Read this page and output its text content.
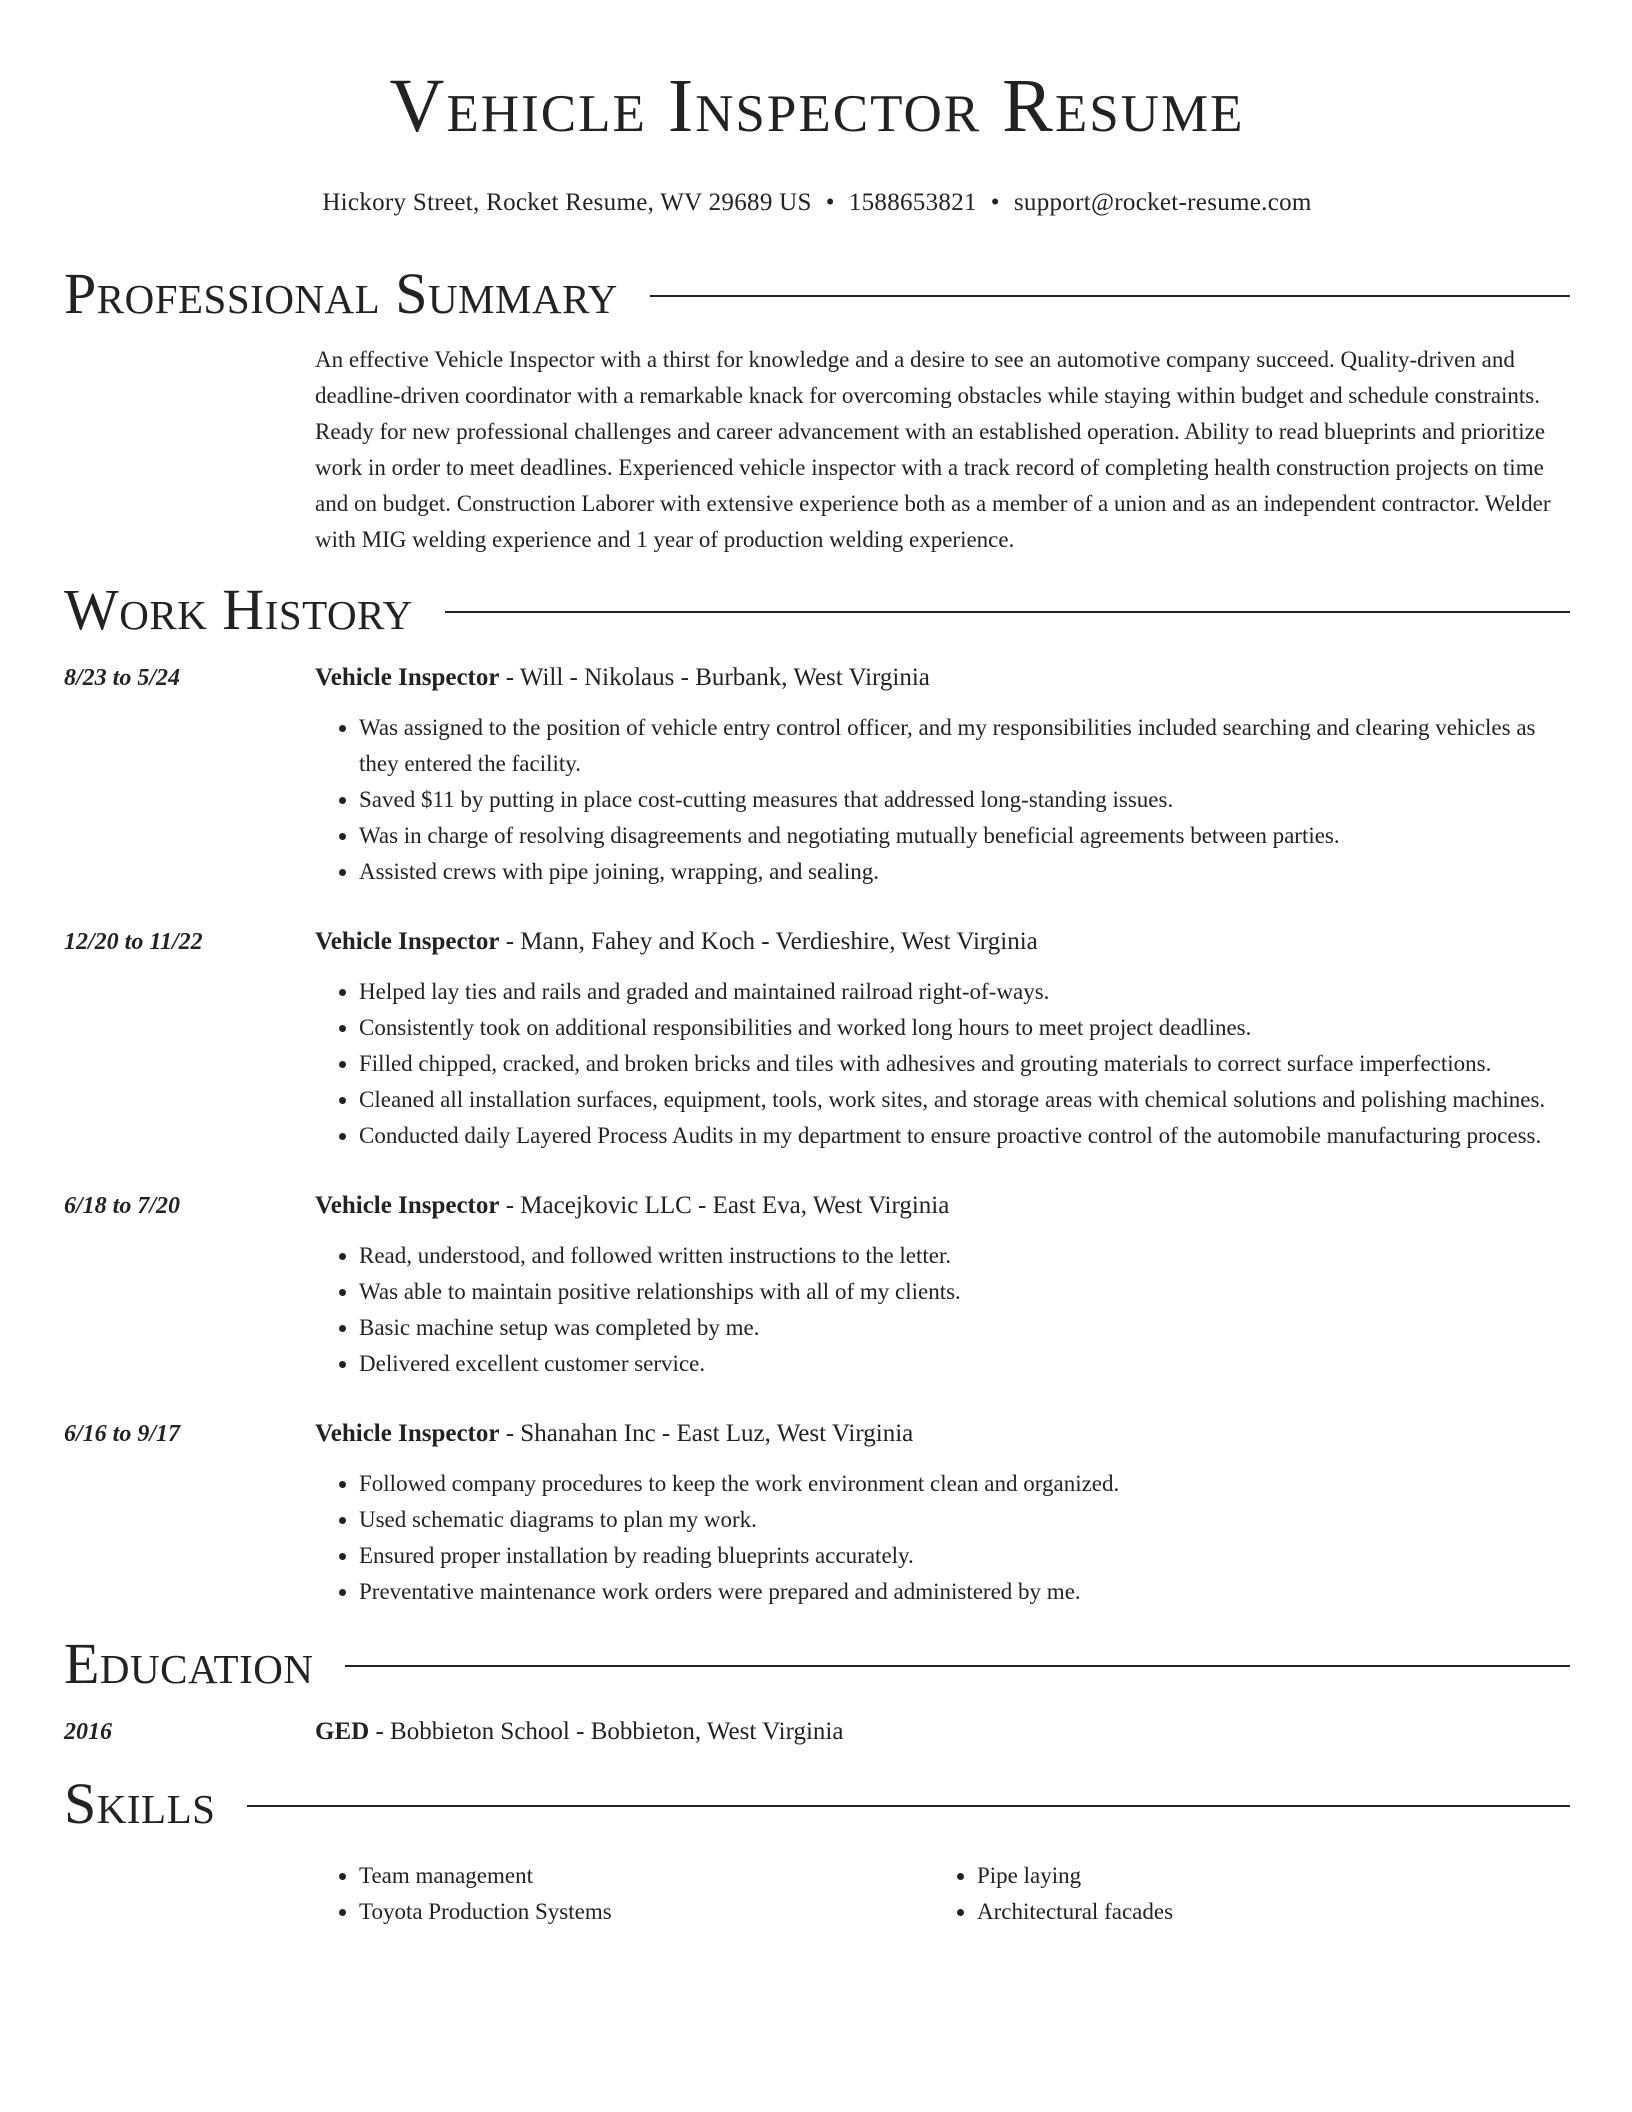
Vehicle Inspector Resume
Hickory Street, Rocket Resume, WV 29689 US • 1588653821 • support@rocket-resume.com
Professional Summary
An effective Vehicle Inspector with a thirst for knowledge and a desire to see an automotive company succeed. Quality-driven and deadline-driven coordinator with a remarkable knack for overcoming obstacles while staying within budget and schedule constraints. Ready for new professional challenges and career advancement with an established operation. Ability to read blueprints and prioritize work in order to meet deadlines. Experienced vehicle inspector with a track record of completing health construction projects on time and on budget. Construction Laborer with extensive experience both as a member of a union and as an independent contractor. Welder with MIG welding experience and 1 year of production welding experience.
Work History
8/23 to 5/24	Vehicle Inspector - Will - Nikolaus - Burbank, West Virginia
• Was assigned to the position of vehicle entry control officer, and my responsibilities included searching and clearing vehicles as they entered the facility.
• Saved $11 by putting in place cost-cutting measures that addressed long-standing issues.
• Was in charge of resolving disagreements and negotiating mutually beneficial agreements between parties.
• Assisted crews with pipe joining, wrapping, and sealing.
12/20 to 11/22	Vehicle Inspector - Mann, Fahey and Koch - Verdieshire, West Virginia
• Helped lay ties and rails and graded and maintained railroad right-of-ways.
• Consistently took on additional responsibilities and worked long hours to meet project deadlines.
• Filled chipped, cracked, and broken bricks and tiles with adhesives and grouting materials to correct surface imperfections.
• Cleaned all installation surfaces, equipment, tools, work sites, and storage areas with chemical solutions and polishing machines.
• Conducted daily Layered Process Audits in my department to ensure proactive control of the automobile manufacturing process.
6/18 to 7/20	Vehicle Inspector - Macejkovic LLC - East Eva, West Virginia
• Read, understood, and followed written instructions to the letter.
• Was able to maintain positive relationships with all of my clients.
• Basic machine setup was completed by me.
• Delivered excellent customer service.
6/16 to 9/17	Vehicle Inspector - Shanahan Inc - East Luz, West Virginia
• Followed company procedures to keep the work environment clean and organized.
• Used schematic diagrams to plan my work.
• Ensured proper installation by reading blueprints accurately.
• Preventative maintenance work orders were prepared and administered by me.
Education
2016	GED - Bobbieton School - Bobbieton, West Virginia
Skills
• Team management
• Toyota Production Systems
• Pipe laying
• Architectural facades
